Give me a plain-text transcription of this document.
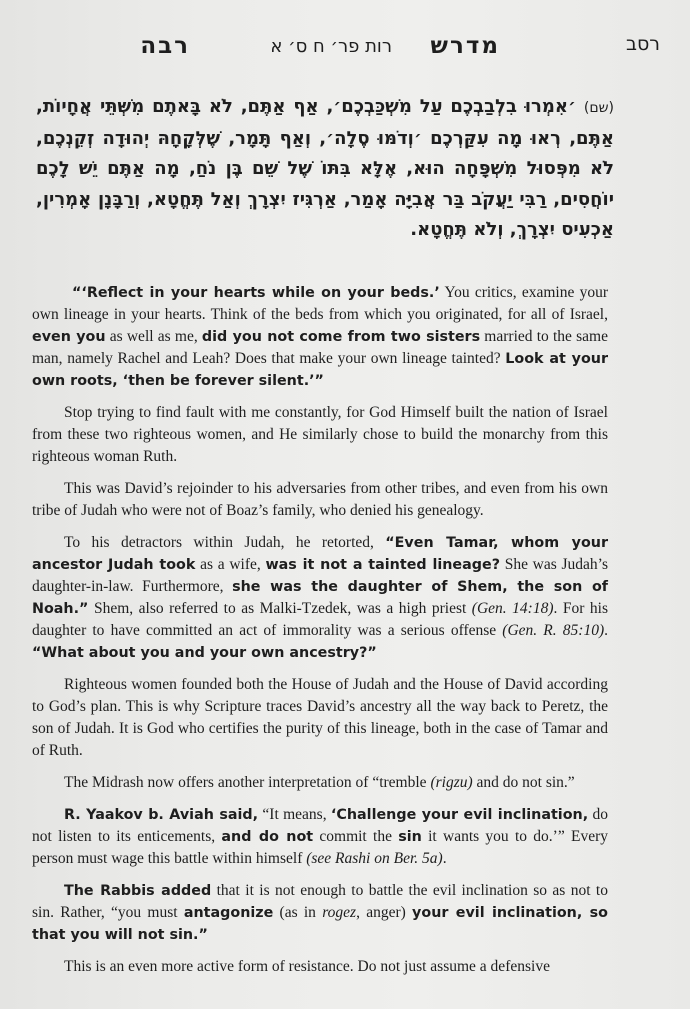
רסב
מדרש
רות פר׳ ח ס׳ א
רבה
(שם) ׳אִמְרוּ בִלְבַבְכֶם עַל מִשְׁכַּבְכֶם׳, אַף אַתֶּם, לֹא בָּאתֶם מִשְּׁתֵּי אֲחָיוֹת, אַתֶּם, רְאוּ מָה עִקַּרְכֶם ׳וְדֹמּוּ סֶלָה׳, וְאַף תָּמָר, שֶׁלְּקָחָהּ יְהוּדָה זְקֵנְכֶם, לֹא מִפְּסוּל מִשְׁפָּחָה הוּא, אֶלָּא בִּתּוֹ שֶׁל שֵׁם בֶּן נֹחַ, מָה אַתֶּם יֵשׁ לָכֶם יוֹחֲסִים, רַבִּי יַעֲקֹב בַּר אֲבִיָּה אָמַר, אַרְגִּיז יִצְרָךְ וְאַל תֶּחֱטָא, וְרַבָּנָן אָמְרִין, אַכְעִיס יִצְרָךְ, וְלֹא תֶּחֱטָא.

“‘Reflect in your hearts while on your beds.’ You critics, examine your own lineage in your hearts. Think of the beds from which you originated, for all of Israel, even you as well as me, did you not come from two sisters married to the same man, namely Rachel and Leah? Does that make your own lineage tainted? Look at your own roots, ‘then be forever silent.’”

Stop trying to find fault with me constantly, for God Himself built the nation of Israel from these two righteous women, and He similarly chose to build the monarchy from this righteous woman Ruth.

This was David’s rejoinder to his adversaries from other tribes, and even from his own tribe of Judah who were not of Boaz’s family, who denied his genealogy.

To his detractors within Judah, he retorted, “Even Tamar, whom your ancestor Judah took as a wife, was it not a tainted lineage? She was Judah’s daughter-in-law. Furthermore, she was the daughter of Shem, the son of Noah.” Shem, also referred to as Malki-Tzedek, was a high priest (Gen. 14:18). For his daughter to have committed an act of immorality was a serious offense (Gen. R. 85:10). “What about you and your own ancestry?”

Righteous women founded both the House of Judah and the House of David according to God’s plan. This is why Scripture traces David’s ancestry all the way back to Peretz, the son of Judah. It is God who certifies the purity of this lineage, both in the case of Tamar and of Ruth.

The Midrash now offers another interpretation of “tremble (rigzu) and do not sin.”

R. Yaakov b. Aviah said, “It means, ‘Challenge your evil inclination, do not listen to its enticements, and do not commit the sin it wants you to do.’” Every person must wage this battle within himself (see Rashi on Ber. 5a).

The Rabbis added that it is not enough to battle the evil inclination so as not to sin. Rather, “you must antagonize (as in rogez, anger) your evil inclination, so that you will not sin.”

This is an even more active form of resistance. Do not just assume a defensive
